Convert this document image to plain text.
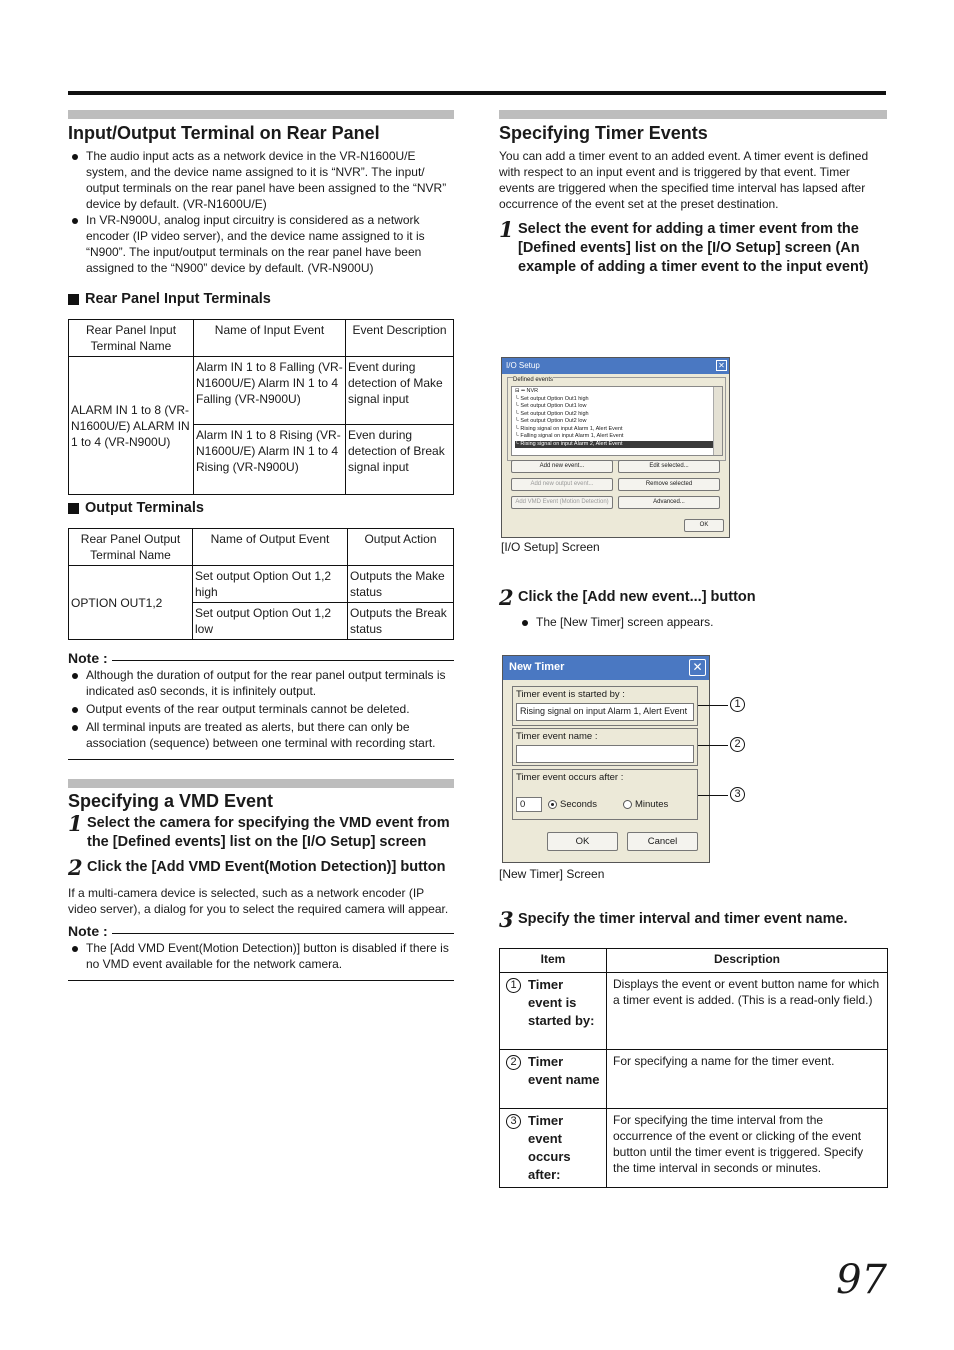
Input/Output Terminal on Rear Panel
The audio input acts as a network device in the VR-N1600U/E system, and the device name assigned to it is “NVR”. The input/ output terminals on the rear panel have been assigned to the “NVR” device by default. (VR-N1600U/E)
In VR-N900U, analog input circuitry is considered as a network encoder (IP video server), and the device name assigned to it is “N900”. The input/output terminals on the rear panel have been assigned to the “N900” device by default. (VR-N900U)
Rear Panel Input Terminals
Rear Panel Input Terminal Name	Name of Input Event	Event Description
ALARM IN 1 to 8 (VR-N1600U/E) ALARM IN 1 to 4 (VR-N900U)	Alarm IN 1 to 8 Falling (VR-N1600U/E) Alarm IN 1 to 4 Falling (VR-N900U)	Event during detection of Make signal input
	Alarm IN 1 to 8 Rising (VR-N1600U/E) Alarm IN 1 to 4 Rising (VR-N900U)	Even during detection of Break signal input
Output Terminals
Rear Panel Output Terminal Name	Name of Output Event	Output Action
OPTION OUT1,2	Set output Option Out 1,2 high	Outputs the Make status
	Set output Option Out 1,2 low	Outputs the Break status
Note :
Although the duration of output for the rear panel output terminals is indicated as0 seconds, it is infinitely output.
Output events of the rear output terminals cannot be deleted.
All terminal inputs are treated as alerts, but there can only be association (sequence) between one terminal with recording start.
Specifying a VMD Event
1 Select the camera for specifying the VMD event from the [Defined events] list on the [I/O Setup] screen
2 Click the [Add VMD Event(Motion Detection)] button

If a multi-camera device is selected, such as a network encoder (IP video server), a dialog for you to select the required camera will appear.

Note :
The [Add VMD Event(Motion Detection)] button is disabled if there is no VMD event available for the network camera.
Specifying Timer Events

You can add a timer event to an added event. A timer event is defined with respect to an input event and is triggered by that event. Timer events are triggered when the specified time interval has lapsed after occurrence of the event set at the preset destination.

1 Select the event for adding a timer event from the [Defined events] list on the [I/O Setup] screen (An example of adding a timer event to the input event)
I/O Setup	✕
Defined events
⊟ •• NVR
└ Set output Option Out1 high
└ Set output Option Out1 low
└ Set output Option Out2 high
└ Set output Option Out2 low
└ Rising signal on input Alarm 1, Alert Event
└ Falling signal on input Alarm 1, Alert Event
└ Rising signal on input Alarm 2, Alert Event
Add new event...	Edit selected...
Add new output event...	Remove selected
Add VMD Event (Motion Detection)	Advanced...
OK
[I/O Setup] Screen
2 Click the [Add new event...] button
The [New Timer] screen appears.
New Timer	✕
Timer event is started by :
Rising signal on input Alarm 1, Alert Event
Timer event name :
Timer event occurs after :
0	Seconds	Minutes
OK	Cancel
1
2
3
[New Timer] Screen
3 Specify the timer interval and timer event name.
Item	Description

1 Timer event is started by:	Displays the event or event button name for which a timer event is added. (This is a read-only field.)

2 Timer event name	For specifying a name for the timer event.

3 Timer event occurs after:	For specifying the time interval from the occurrence of the event or clicking of the event button until the timer event is triggered. Specify the time interval in seconds or minutes.
97
